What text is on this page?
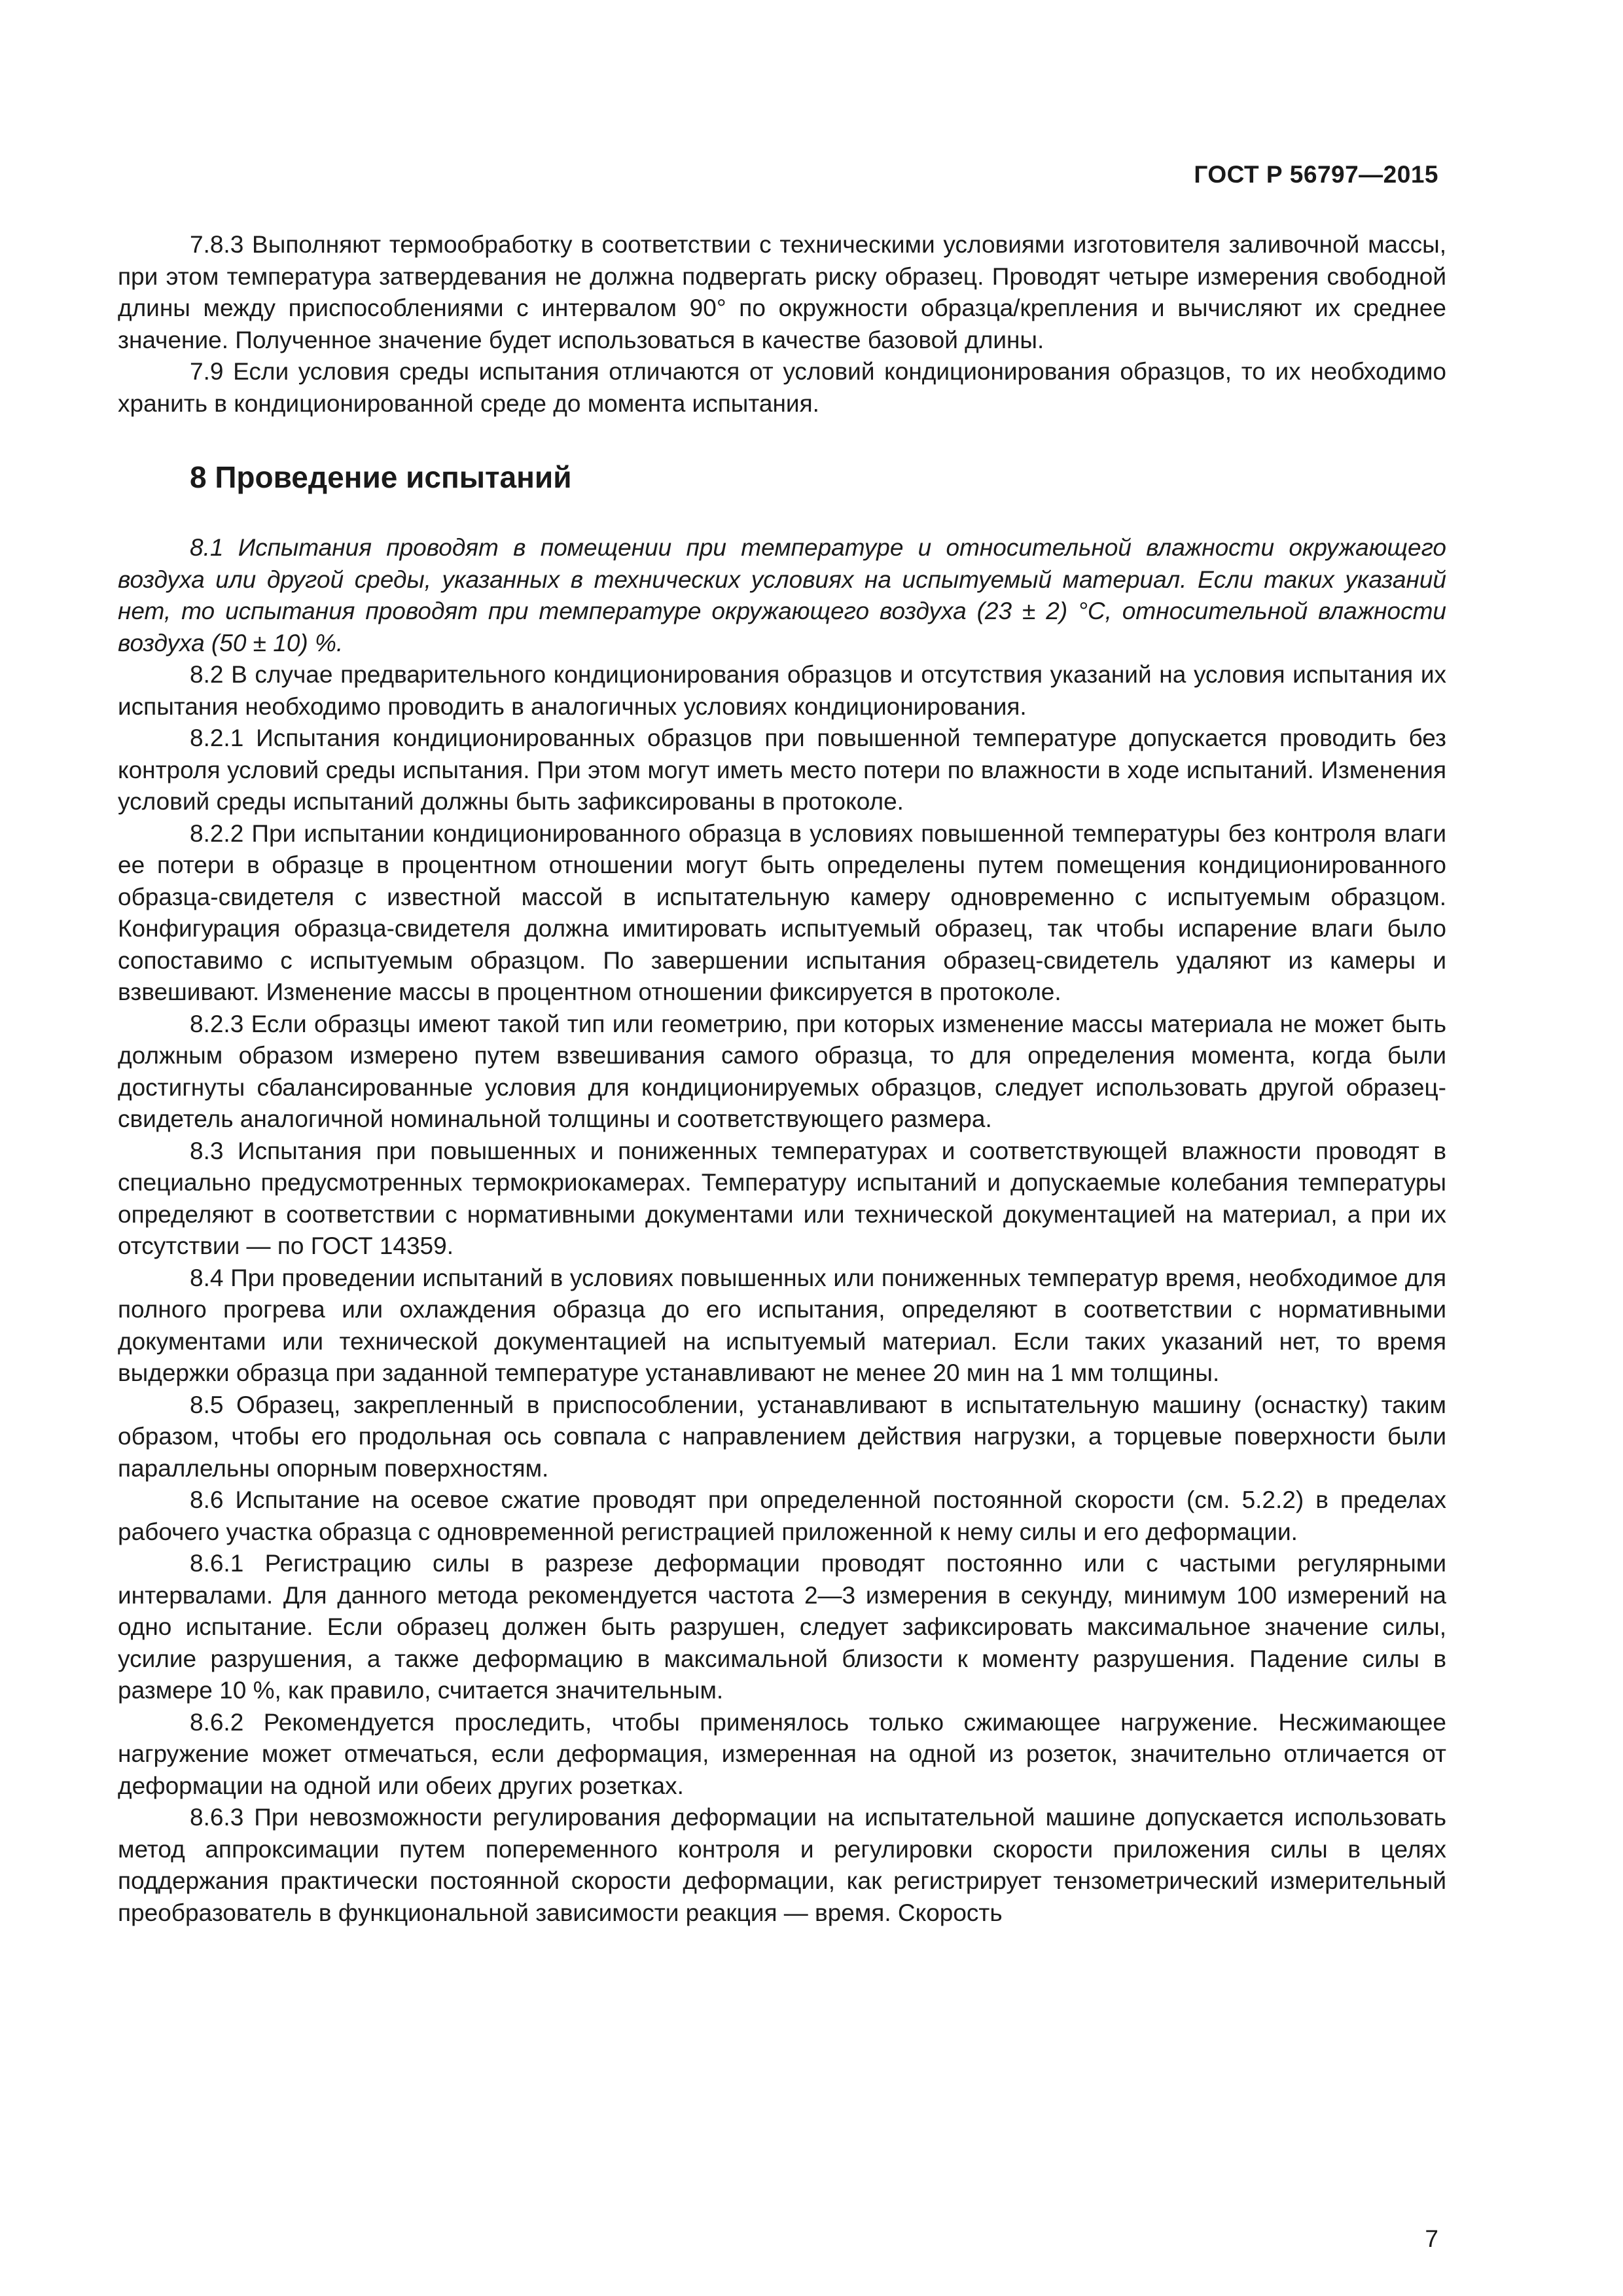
ГОСТ Р 56797—2015

7.8.3 Выполняют термообработку в соответствии с техническими условиями изготовителя заливочной массы, при этом температура затвердевания не должна подвергать риску образец. Проводят четыре измерения свободной длины между приспособлениями с интервалом 90° по окружности образца/крепления и вычисляют их среднее значение. Полученное значение будет использоваться в качестве базовой длины.

7.9 Если условия среды испытания отличаются от условий кондиционирования образцов, то их необходимо хранить в кондиционированной среде до момента испытания.

8 Проведение испытаний

8.1 Испытания проводят в помещении при температуре и относительной влажности окружающего воздуха или другой среды, указанных в технических условиях на испытуемый материал. Если таких указаний нет, то испытания проводят при температуре окружающего воздуха (23 ± 2) °С, относительной влажности воздуха (50 ± 10) %.

8.2 В случае предварительного кондиционирования образцов и отсутствия указаний на условия испытания их испытания необходимо проводить в аналогичных условиях кондиционирования.

8.2.1 Испытания кондиционированных образцов при повышенной температуре допускается проводить без контроля условий среды испытания. При этом могут иметь место потери по влажности в ходе испытаний. Изменения условий среды испытаний должны быть зафиксированы в протоколе.

8.2.2 При испытании кондиционированного образца в условиях повышенной температуры без контроля влаги ее потери в образце в процентном отношении могут быть определены путем помещения кондиционированного образца-свидетеля с известной массой в испытательную камеру одновременно с испытуемым образцом. Конфигурация образца-свидетеля должна имитировать испытуемый образец, так чтобы испарение влаги было сопоставимо с испытуемым образцом. По завершении испытания образец-свидетель удаляют из камеры и взвешивают. Изменение массы в процентном отношении фиксируется в протоколе.

8.2.3 Если образцы имеют такой тип или геометрию, при которых изменение массы материала не может быть должным образом измерено путем взвешивания самого образца, то для определения момента, когда были достигнуты сбалансированные условия для кондиционируемых образцов, следует использовать другой образец-свидетель аналогичной номинальной толщины и соответствующего размера.

8.3 Испытания при повышенных и пониженных температурах и соответствующей влажности проводят в специально предусмотренных термокриокамерах. Температуру испытаний и допускаемые колебания температуры определяют в соответствии с нормативными документами или технической документацией на материал, а при их отсутствии — по ГОСТ 14359.

8.4 При проведении испытаний в условиях повышенных или пониженных температур время, необходимое для полного прогрева или охлаждения образца до его испытания, определяют в соответствии с нормативными документами или технической документацией на испытуемый материал. Если таких указаний нет, то время выдержки образца при заданной температуре устанавливают не менее 20 мин на 1 мм толщины.

8.5 Образец, закрепленный в приспособлении, устанавливают в испытательную машину (оснастку) таким образом, чтобы его продольная ось совпала с направлением действия нагрузки, а торцевые поверхности были параллельны опорным поверхностям.

8.6 Испытание на осевое сжатие проводят при определенной постоянной скорости (см. 5.2.2) в пределах рабочего участка образца с одновременной регистрацией приложенной к нему силы и его деформации.

8.6.1 Регистрацию силы в разрезе деформации проводят постоянно или с частыми регулярными интервалами. Для данного метода рекомендуется частота 2—3 измерения в секунду, минимум 100 измерений на одно испытание. Если образец должен быть разрушен, следует зафиксировать максимальное значение силы, усилие разрушения, а также деформацию в максимальной близости к моменту разрушения. Падение силы в размере 10 %, как правило, считается значительным.

8.6.2 Рекомендуется проследить, чтобы применялось только сжимающее нагружение. Несжимающее нагружение может отмечаться, если деформация, измеренная на одной из розеток, значительно отличается от деформации на одной или обеих других розетках.

8.6.3 При невозможности регулирования деформации на испытательной машине допускается использовать метод аппроксимации путем попеременного контроля и регулировки скорости приложения силы в целях поддержания практически постоянной скорости деформации, как регистрирует тензометрический измерительный преобразователь в функциональной зависимости реакция — время. Скорость

7
